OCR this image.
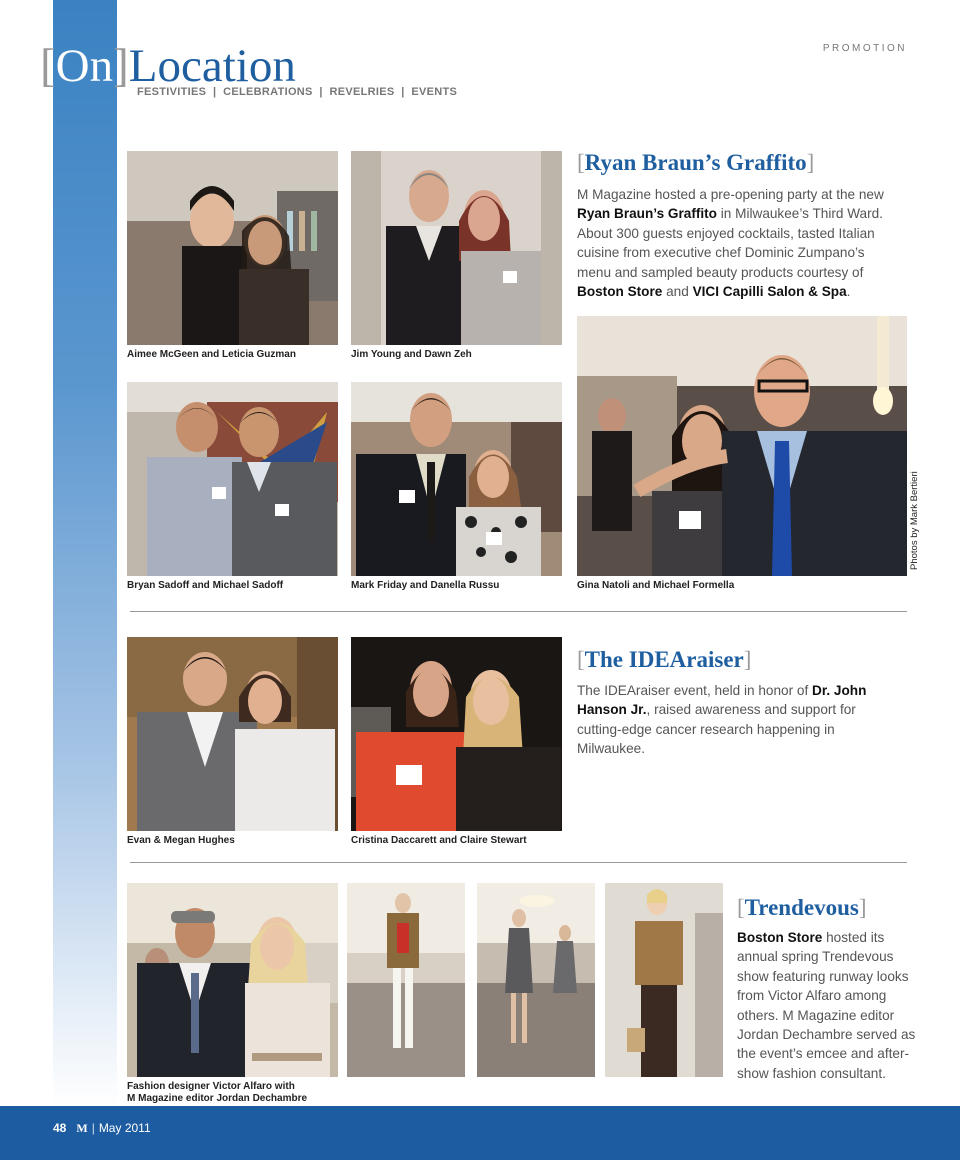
[On]Location
FESTIVITIES  |  CELEBRATIONS  |  REVELRIES  |  EVENTS
PROMOTION
Aimee McGeen and Leticia Guzman	Jim Young and Dawn Zeh
Bryan Sadoff and Michael Sadoff	Mark Friday and Danella Russu	Gina Natoli and Michael Formella
Photos by Mark Bertieri
[Ryan Braun’s Graffito]
M Magazine hosted a pre-opening party at the new Ryan Braun’s Graffito in Milwaukee’s Third Ward. About 300 guests enjoyed cocktails, tasted Italian cuisine from executive chef Dominic Zumpano’s menu and sampled beauty products courtesy of Boston Store and VICI Capilli Salon & Spa.
Evan & Megan Hughes	Cristina Daccarett and Claire Stewart
[The IDEAraiser]
The IDEAraiser event, held in honor of Dr. John Hanson Jr., raised awareness and support for cutting-edge cancer research happening in Milwaukee.
Fashion designer Victor Alfaro with
M Magazine editor Jordan Dechambre
[Trendevous]
Boston Store hosted its annual spring Trendevous show featuring runway looks from Victor Alfaro among others. M Magazine editor Jordan Dechambre served as the event’s emcee and after-show fashion consultant.
48 M | May 2011
